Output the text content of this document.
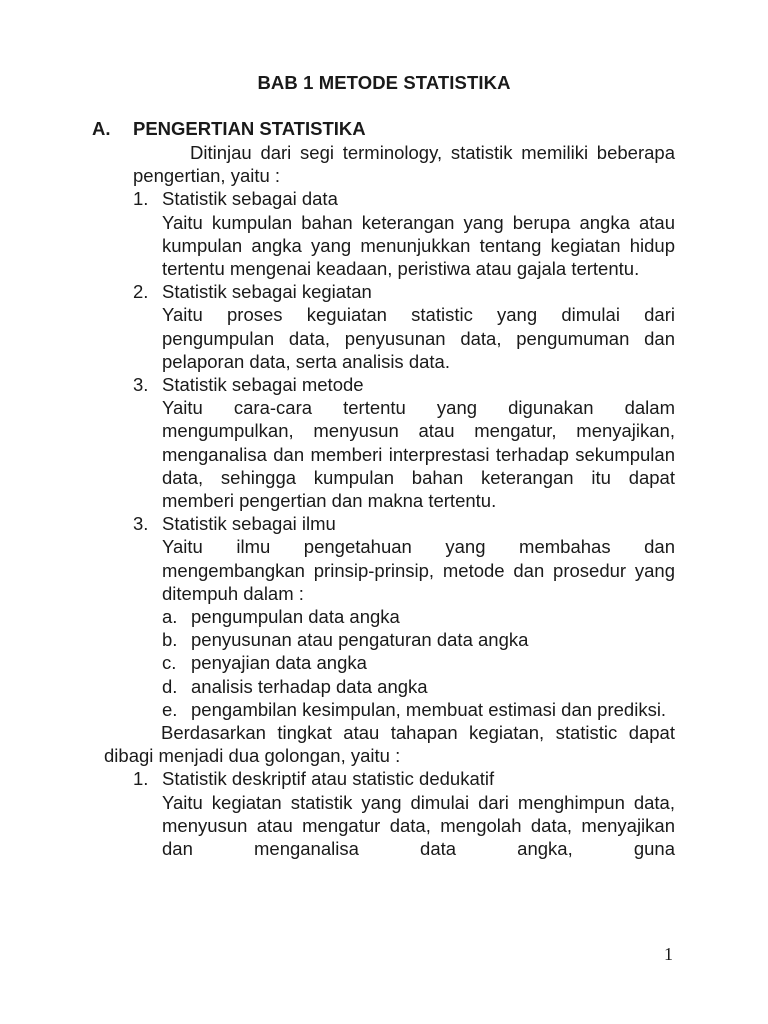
BAB 1 METODE STATISTIKA
A. PENGERTIAN STATISTIKA

Ditinjau dari segi terminology, statistik memiliki beberapa pengertian, yaitu :

1. Statistik sebagai data
Yaitu kumpulan bahan keterangan yang berupa angka atau kumpulan angka yang menunjukkan tentang kegiatan hidup tertentu mengenai keadaan, peristiwa atau gajala tertentu.
2. Statistik sebagai kegiatan
Yaitu proses keguiatan statistic yang dimulai dari pengumpulan data, penyusunan data, pengumuman dan pelaporan data, serta analisis data.
3. Statistik sebagai metode
Yaitu cara-cara tertentu yang digunakan dalam mengumpulkan, menyusun atau mengatur, menyajikan, menganalisa dan memberi interprestasi terhadap sekumpulan data, sehingga kumpulan bahan keterangan itu dapat memberi pengertian dan makna tertentu.
3. Statistik sebagai ilmu
Yaitu ilmu pengetahuan yang membahas dan mengembangkan prinsip-prinsip, metode dan prosedur yang ditempuh dalam :
a. pengumpulan data angka
b. penyusunan atau pengaturan data angka
c. penyajian data angka
d. analisis terhadap data angka
e. pengambilan kesimpulan, membuat estimasi dan prediksi.

Berdasarkan tingkat atau tahapan kegiatan, statistic dapat dibagi menjadi dua golongan, yaitu :

1. Statistik deskriptif atau statistic dedukatif
Yaitu kegiatan statistik yang dimulai dari menghimpun data, menyusun atau mengatur data, mengolah data, menyajikan dan menganalisa data angka, guna
1
